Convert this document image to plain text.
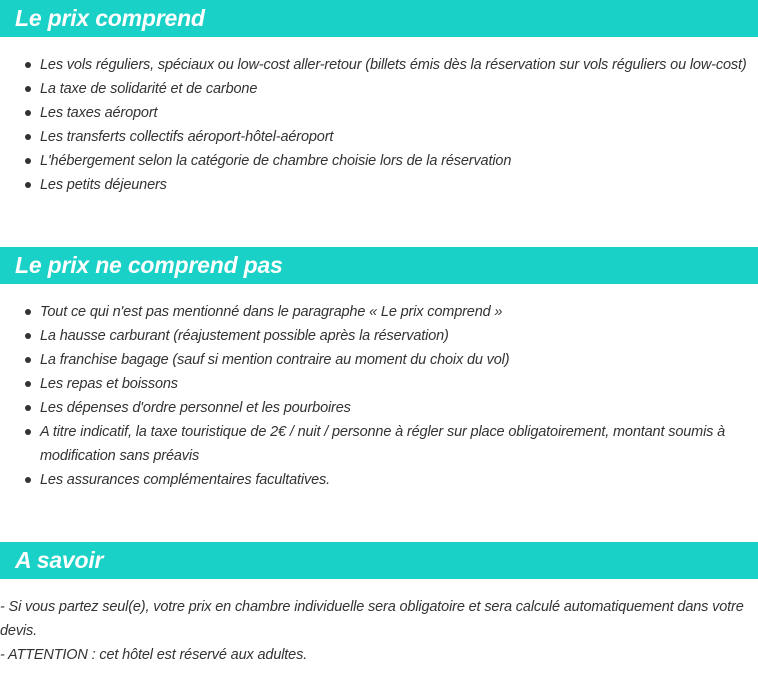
Le prix comprend
Les vols réguliers, spéciaux ou low-cost aller-retour (billets émis dès la réservation sur vols réguliers ou low-cost)
La taxe de solidarité et de carbone
Les taxes aéroport
Les transferts collectifs aéroport-hôtel-aéroport
L'hébergement selon la catégorie de chambre choisie lors de la réservation
Les petits déjeuners
Le prix ne comprend pas
Tout ce qui n'est pas mentionné dans le paragraphe « Le prix comprend »
La hausse carburant (réajustement possible après la réservation)
La franchise bagage (sauf si mention contraire au moment du choix du vol)
Les repas et boissons
Les dépenses d'ordre personnel et les pourboires
A titre indicatif, la taxe touristique de 2€ / nuit / personne à régler sur place obligatoirement, montant soumis à modification sans préavis
Les assurances complémentaires facultatives.
A savoir
- Si vous partez seul(e), votre prix en chambre individuelle sera obligatoire et sera calculé automatiquement dans votre devis.
- ATTENTION : cet hôtel est réservé aux adultes.
